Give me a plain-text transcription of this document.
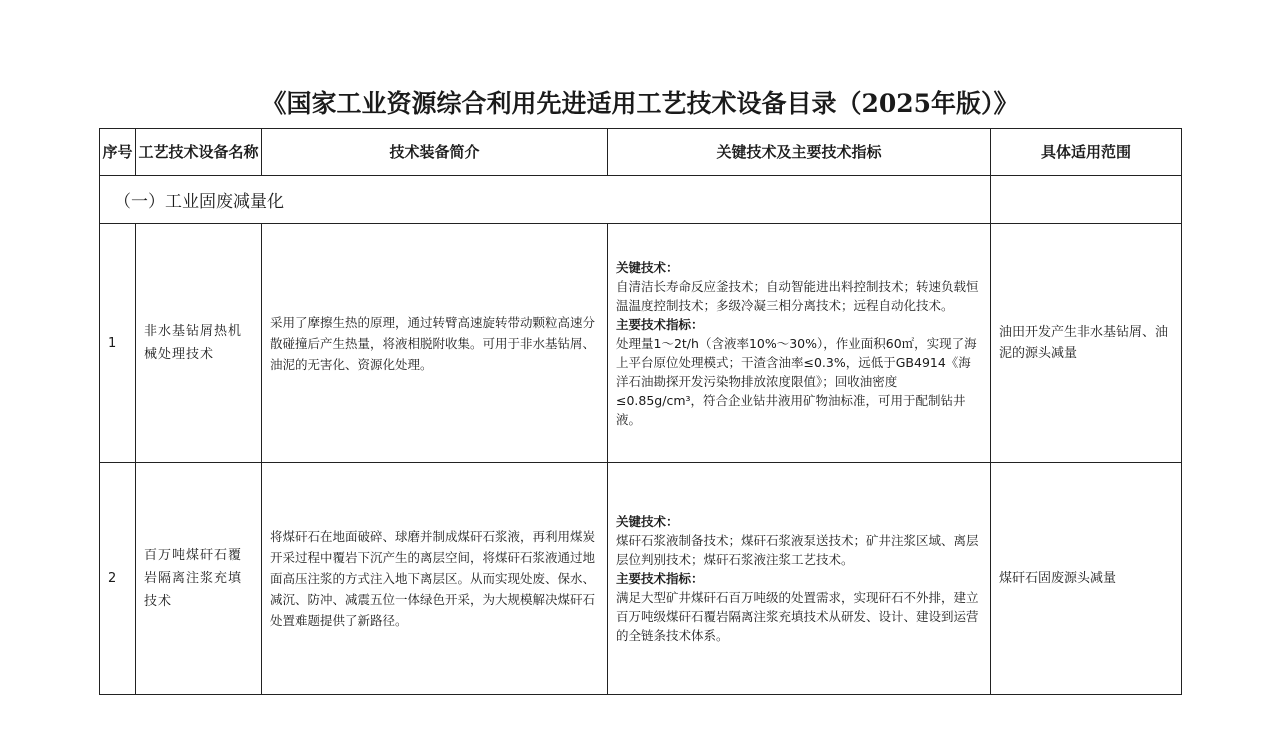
《国家工业资源综合利用先进适用工艺技术设备目录（2025年版）》
序号	工艺技术设备名称	技术装备简介	关键技术及主要技术指标	具体适用范围
（一）工业固废减量化				
1	非水基钻屑热机械处理技术	采用了摩擦生热的原理，通过转臂高速旋转带动颗粒高速分散碰撞后产生热量，将液相脱附收集。可用于非水基钻屑、油泥的无害化、资源化处理。	关键技术：
自清洁长寿命反应釜技术；自动智能进出料控制技术；转速负载恒温温度控制技术；多级冷凝三相分离技术；远程自动化技术。
主要技术指标：
处理量1～2t/h（含液率10%～30%），作业面积60㎡，实现了海上平台原位处理模式；干渣含油率≤0.3%，远低于GB4914《海洋石油勘探开发污染物排放浓度限值》；回收油密度≤0.85g/cm³，符合企业钻井液用矿物油标准，可用于配制钻井液。	油田开发产生非水基钻屑、油泥的源头减量
2	百万吨煤矸石覆岩隔离注浆充填技术	将煤矸石在地面破碎、球磨并制成煤矸石浆液，再利用煤炭开采过程中覆岩下沉产生的离层空间，将煤矸石浆液通过地面高压注浆的方式注入地下离层区。从而实现处废、保水、减沉、防冲、减震五位一体绿色开采，为大规模解决煤矸石处置难题提供了新路径。	关键技术：
煤矸石浆液制备技术；煤矸石浆液泵送技术；矿井注浆区域、离层层位判别技术；煤矸石浆液注浆工艺技术。
主要技术指标：
满足大型矿井煤矸石百万吨级的处置需求，实现矸石不外排，建立百万吨级煤矸石覆岩隔离注浆充填技术从研发、设计、建设到运营的全链条技术体系。	煤矸石固废源头减量
